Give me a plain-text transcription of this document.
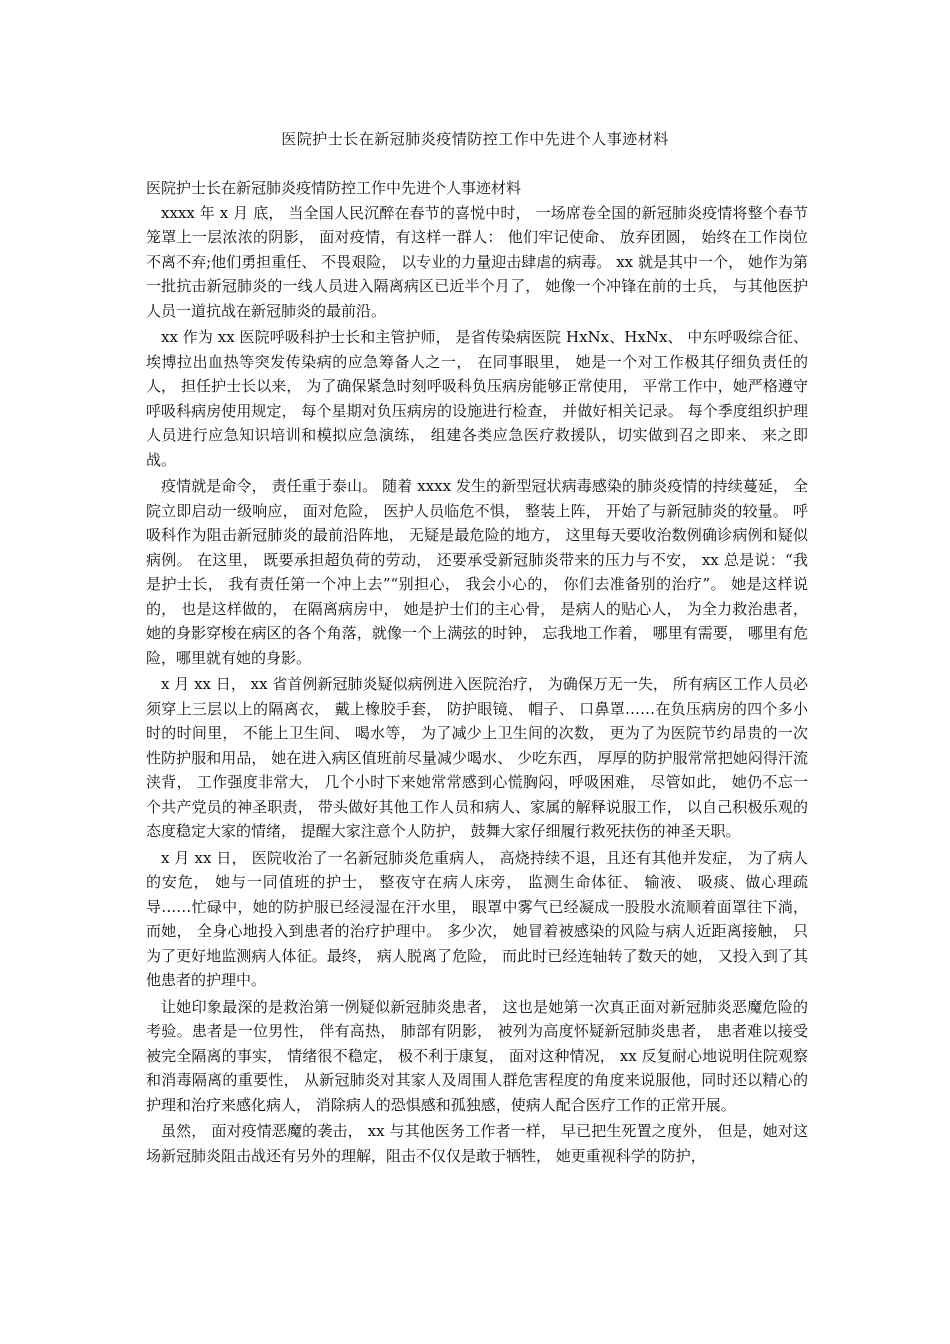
医院护士长在新冠肺炎疫情防控工作中先进个人事迹材料

医院护士长在新冠肺炎疫情防控工作中先进个人事迹材料

xxxx 年 x 月 底， 当全国人民沉醉在春节的喜悦中时， 一场席卷全国的新冠肺炎疫情将整个春节笼罩上一层浓浓的阴影， 面对疫情，有这样一群人： 他们牢记使命、 放弃团圆， 始终在工作岗位不离不弃;他们勇担重任、 不畏艰险， 以专业的力量迎击肆虐的病毒。 xx 就是其中一个， 她作为第一批抗击新冠肺炎的一线人员进入隔离病区已近半个月了， 她像一个冲锋在前的士兵， 与其他医护人员一道抗战在新冠肺炎的最前沿。

xx 作为 xx 医院呼吸科护士长和主管护师， 是省传染病医院 HxNx、HxNx、 中东呼吸综合征、 埃博拉出血热等突发传染病的应急筹备人之一， 在同事眼里， 她是一个对工作极其仔细负责任的人， 担任护士长以来， 为了确保紧急时刻呼吸科负压病房能够正常使用， 平常工作中，她严格遵守呼吸科病房使用规定， 每个星期对负压病房的设施进行检查， 并做好相关记录。 每个季度组织护理人员进行应急知识培训和模拟应急演练， 组建各类应急医疗救援队，切实做到召之即来、 来之即战。

疫情就是命令， 责任重于泰山。 随着 xxxx 发生的新型冠状病毒感染的肺炎疫情的持续蔓延， 全院立即启动一级响应， 面对危险， 医护人员临危不惧， 整装上阵， 开始了与新冠肺炎的较量。 呼吸科作为阻击新冠肺炎的最前沿阵地， 无疑是最危险的地方， 这里每天要收治数例确诊病例和疑似病例。 在这里， 既要承担超负荷的劳动， 还要承受新冠肺炎带来的压力与不安， xx 总是说：“我是护士长， 我有责任第一个冲上去”“别担心， 我会小心的， 你们去准备别的治疗”。 她是这样说的， 也是这样做的， 在隔离病房中， 她是护士们的主心骨， 是病人的贴心人， 为全力救治患者， 她的身影穿梭在病区的各个角落，就像一个上满弦的时钟， 忘我地工作着， 哪里有需要， 哪里有危险，哪里就有她的身影。

x 月 xx 日， xx 省首例新冠肺炎疑似病例进入医院治疗， 为确保万无一失， 所有病区工作人员必须穿上三层以上的隔离衣， 戴上橡胶手套， 防护眼镜、 帽子、 口鼻罩……在负压病房的四个多小时的时间里， 不能上卫生间、 喝水等， 为了减少上卫生间的次数， 更为了为医院节约昂贵的一次性防护服和用品， 她在进入病区值班前尽量减少喝水、 少吃东西， 厚厚的防护服常常把她闷得汗流浃背， 工作强度非常大， 几个小时下来她常常感到心慌胸闷，呼吸困难， 尽管如此， 她仍不忘一个共产党员的神圣职责， 带头做好其他工作人员和病人、家属的解释说服工作， 以自己积极乐观的态度稳定大家的情绪， 提醒大家注意个人防护， 鼓舞大家仔细履行救死扶伤的神圣天职。

x 月 xx 日， 医院收治了一名新冠肺炎危重病人， 高烧持续不退，且还有其他并发症， 为了病人的安危， 她与一同值班的护士， 整夜守在病人床旁， 监测生命体征、 输液、 吸痰、做心理疏导……忙碌中，她的防护服已经浸湿在汗水里， 眼罩中雾气已经凝成一股股水流顺着面罩往下淌， 而她， 全身心地投入到患者的治疗护理中。 多少次， 她冒着被感染的风险与病人近距离接触， 只为了更好地监测病人体征。最终， 病人脱离了危险， 而此时已经连轴转了数天的她， 又投入到了其他患者的护理中。

让她印象最深的是救治第一例疑似新冠肺炎患者， 这也是她第一次真正面对新冠肺炎恶魔危险的考验。患者是一位男性， 伴有高热， 肺部有阴影， 被列为高度怀疑新冠肺炎患者， 患者难以接受被完全隔离的事实， 情绪很不稳定， 极不利于康复， 面对这种情况， xx 反复耐心地说明住院观察和消毒隔离的重要性， 从新冠肺炎对其家人及周围人群危害程度的角度来说服他，同时还以精心的护理和治疗来感化病人， 消除病人的恐惧感和孤独感，使病人配合医疗工作的正常开展。

虽然， 面对疫情恶魔的袭击， xx 与其他医务工作者一样， 早已把生死置之度外， 但是，她对这场新冠肺炎阻击战还有另外的理解，阻击不仅仅是敢于牺牲， 她更重视科学的防护，
